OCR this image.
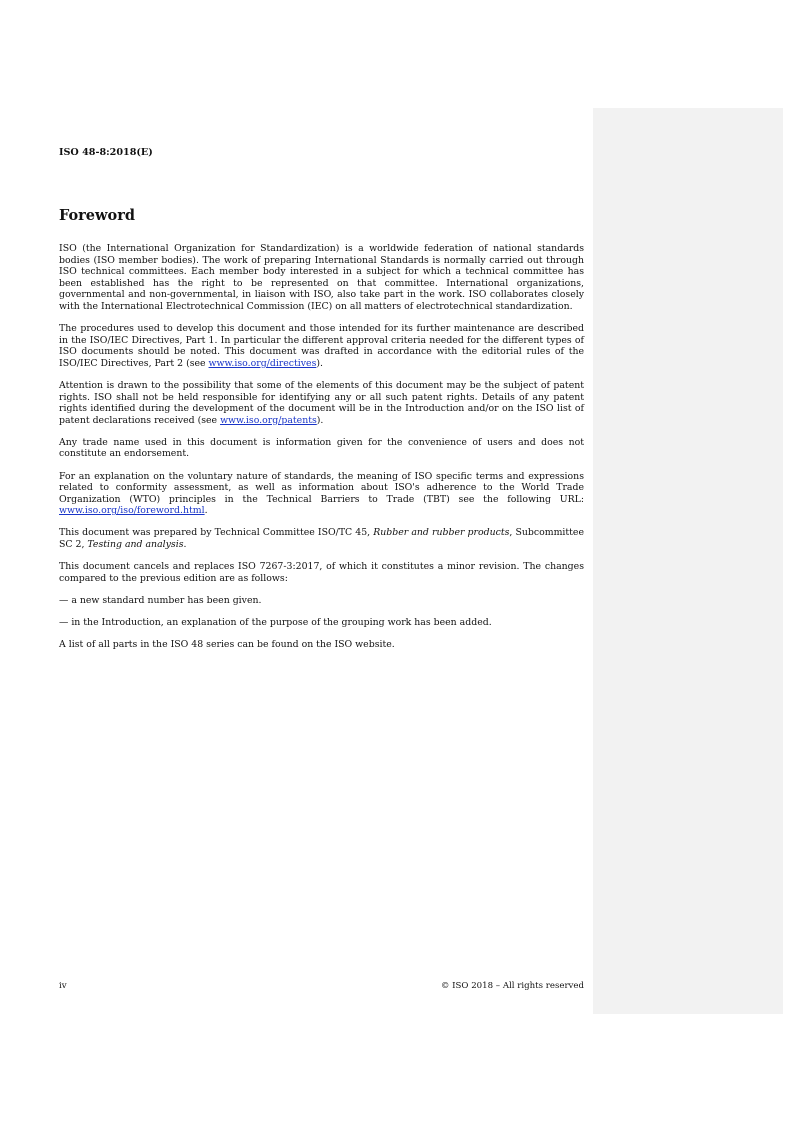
ISO 48-8:2018(E)
Foreword

ISO (the International Organization for Standardization) is a worldwide federation of national standards bodies (ISO member bodies). The work of preparing International Standards is normally carried out through ISO technical committees. Each member body interested in a subject for which a technical committee has been established has the right to be represented on that committee. International organizations, governmental and non-governmental, in liaison with ISO, also take part in the work. ISO collaborates closely with the International Electrotechnical Commission (IEC) on all matters of electrotechnical standardization.

The procedures used to develop this document and those intended for its further maintenance are described in the ISO/IEC Directives, Part 1. In particular the different approval criteria needed for the different types of ISO documents should be noted. This document was drafted in accordance with the editorial rules of the ISO/IEC Directives, Part 2 (see www.iso.org/directives).

Attention is drawn to the possibility that some of the elements of this document may be the subject of patent rights. ISO shall not be held responsible for identifying any or all such patent rights. Details of any patent rights identified during the development of the document will be in the Introduction and/or on the ISO list of patent declarations received (see www.iso.org/patents).

Any trade name used in this document is information given for the convenience of users and does not constitute an endorsement.

For an explanation on the voluntary nature of standards, the meaning of ISO specific terms and expressions related to conformity assessment, as well as information about ISO's adherence to the World Trade Organization (WTO) principles in the Technical Barriers to Trade (TBT) see the following URL: www.iso.org/iso/foreword.html.

This document was prepared by Technical Committee ISO/TC 45, Rubber and rubber products, Subcommittee SC 2, Testing and analysis.

This document cancels and replaces ISO 7267-3:2017, of which it constitutes a minor revision. The changes compared to the previous edition are as follows:

— a new standard number has been given.

— in the Introduction, an explanation of the purpose of the grouping work has been added.

A list of all parts in the ISO 48 series can be found on the ISO website.

iv	© ISO 2018 – All rights reserved
